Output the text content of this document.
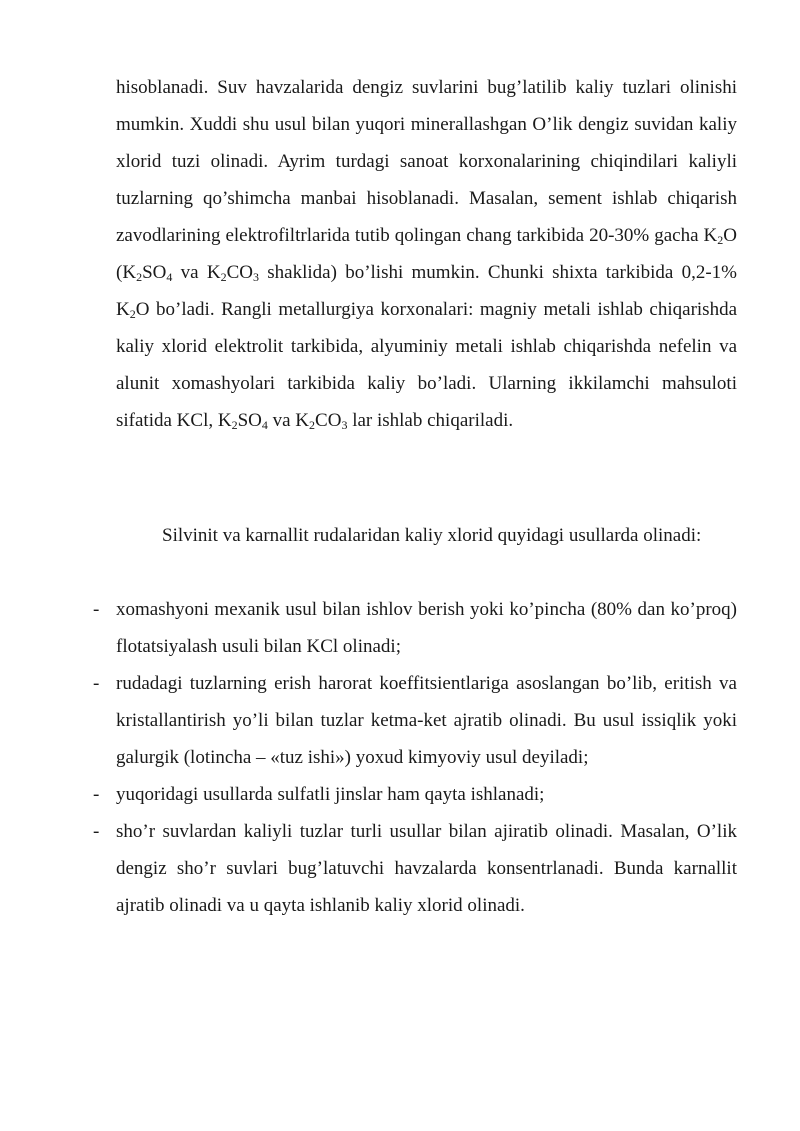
hisoblanadi. Suv havzalarida dengiz suvlarini bug’latilib kaliy tuzlari olinishi mumkin. Xuddi shu usul bilan yuqori minerallashgan O’lik dengiz suvidan kaliy xlorid tuzi olinadi. Ayrim turdagi sanoat korxonalarining chiqindilari kaliyli tuzlarning qo’shimcha manbai hisoblanadi. Masalan, sement ishlab chiqarish zavodlarining elektrofiltrlarida tutib qolingan chang tarkibida 20-30% gacha $K_2O$ ($K_2SO_4$ va $K_2CO_3$ shaklida) bo’lishi mumkin. Chunki shixta tarkibida 0,2-1% $K_2O$ bo’ladi. Rangli metallurgiya korxonalari: magniy metali ishlab chiqarishda kaliy xlorid elektrolit tarkibida, alyuminiy metali ishlab chiqarishda nefelin va alunit xomashyolari tarkibida kaliy bo’ladi. Ularning ikkilamchi mahsuloti sifatida KCl, $K_2SO_4$ va $K_2CO_3$ lar ishlab chiqariladi.

Silvinit va karnallit rudalaridan kaliy xlorid quyidagi usullarda olinadi:

- xomashyoni mexanik usul bilan ishlov berish yoki ko’pincha (80% dan ko’proq) flotatsiyalash usuli bilan KCl olinadi;
- rudadagi tuzlarning erish harorat koeffitsientlariga asoslangan bo’lib, eritish va kristallantirish yo’li bilan tuzlar ketma-ket ajratib olinadi. Bu usul issiqlik yoki galurgik (lotincha – «tuz ishi») yoxud kimyoviy usul deyiladi;
- yuqoridagi usullarda sulfatli jinslar ham qayta ishlanadi;
- sho’r suvlardan kaliyli tuzlar turli usullar bilan ajiratib olinadi. Masalan, O’lik dengiz sho’r suvlari bug’latuvchi havzalarda konsentrlanadi. Bunda karnallit ajratib olinadi va u qayta ishlanib kaliy xlorid olinadi.
